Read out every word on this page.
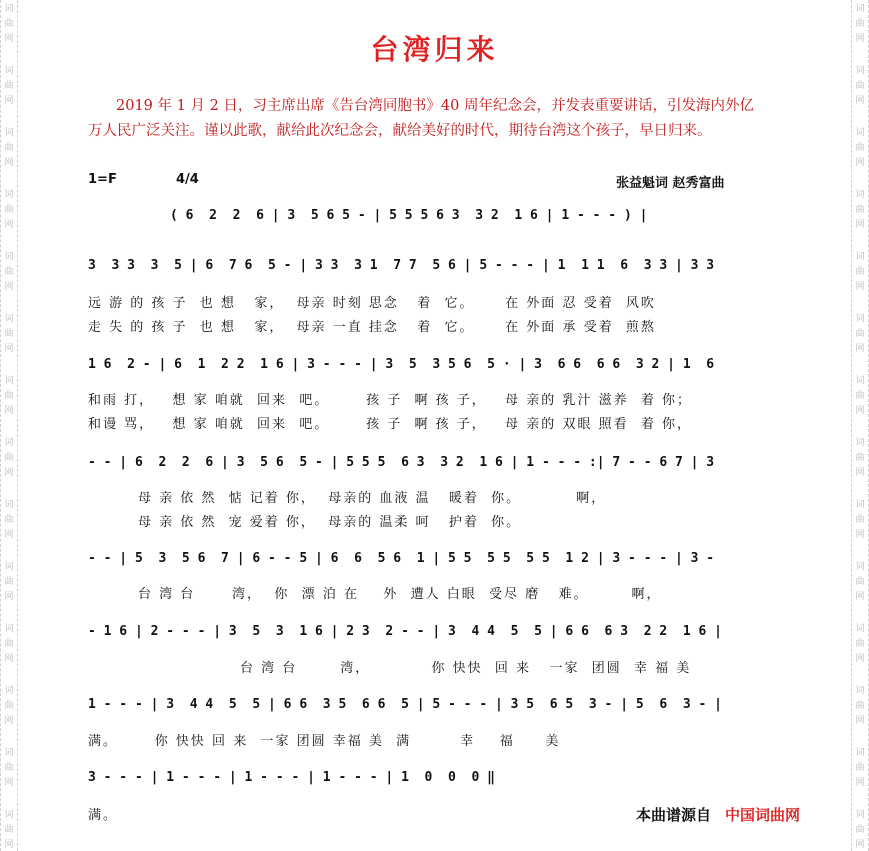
词
曲
网
词
曲
网
词
曲
网
词
曲
网
词
曲
网
词
曲
网
词
曲
网
词
曲
网
词
曲
网
词
曲
网
词
曲
网
词
曲
网
词
曲
网
词
曲
网
词
曲
网
词
曲
网
词
曲
网
词
曲
网
词
曲
网
词
曲
网
词
曲
网
词
曲
网
词
曲
网
词
曲
网
词
曲
网
词
曲
网
词
曲
网
词
曲
网
台湾归来
2019 年 1 月 2 日，习主席出席《告台湾同胞书》40 周年纪念会，并发表重要讲话，引发海内外亿万人民广泛关注。谨以此歌，献给此次纪念会，献给美好的时代，期待台湾这个孩子，早日归来。
1=F	4/4	张益魁词 赵秀富曲
( 6  2  2  6 | 3  5 6 5 - | 5 5 5 6 3  3 2  1 6 | 1 - - - ) |
3  3 3  3  5 | 6  7 6  5 - | 3 3  3 1  7 7  5 6 | 5 - - - | 1  1 1  6  3 3 | 3 3
远 游 的 孩 子  也 想   家，  母亲 时刻 思念   着  它。     在 外面 忍 受着  风吹
走 失 的 孩 子  也 想   家，  母亲 一直 挂念   着  它。     在 外面 承 受着  煎熬
1 6  2 - | 6  1  2 2  1 6 | 3 - - - | 3  5  3 5 6  5 · | 3  6 6  6 6  3 2 | 1  6
和雨 打，   想 家 咱就  回来  吧。      孩 子  啊 孩 子，   母 亲的 乳汁 滋养  着 你；
和谩 骂，   想 家 咱就  回来  吧。      孩 子  啊 孩 子，   母 亲的 双眼 照看  着 你，
- - | 6  2  2  6 | 3  5 6  5 - | 5 5 5  6 3  3 2  1 6 | 1 - - - :| 7 - - 6 7 | 3
母 亲 依 然  惦 记着 你，  母亲的 血液 温   暖着  你。         啊，
母 亲 依 然  宠 爱着 你，  母亲的 温柔 呵   护着  你。
- - | 5  3  5 6  7 | 6 - - 5 | 6  6  5 6  1 | 5 5  5 5  5 5  1 2 | 3 - - - | 3 -
台 湾 台      湾，  你  漂 泊 在    外  遭人 白眼  受尽 磨   难。       啊，
- 1 6 | 2 - - - | 3  5  3  1 6 | 2 3  2 - - | 3  4 4  5  5 | 6 6  6 3  2 2  1 6 |
台 湾 台       湾，          你 快快  回 来   一家  团圆  幸 福 美
1 - - - | 3  4 4  5  5 | 6 6  3 5  6 6  5 | 5 - - - | 3 5  6 5  3 - | 5  6  3 - |
满。      你 快快 回 来  一家 团圆 幸福 美  满        幸    福     美
3 - - - | 1 - - - | 1 - - - | 1 - - - | 1  0  0  0 ‖
满。	本曲谱源自 中国词曲网
